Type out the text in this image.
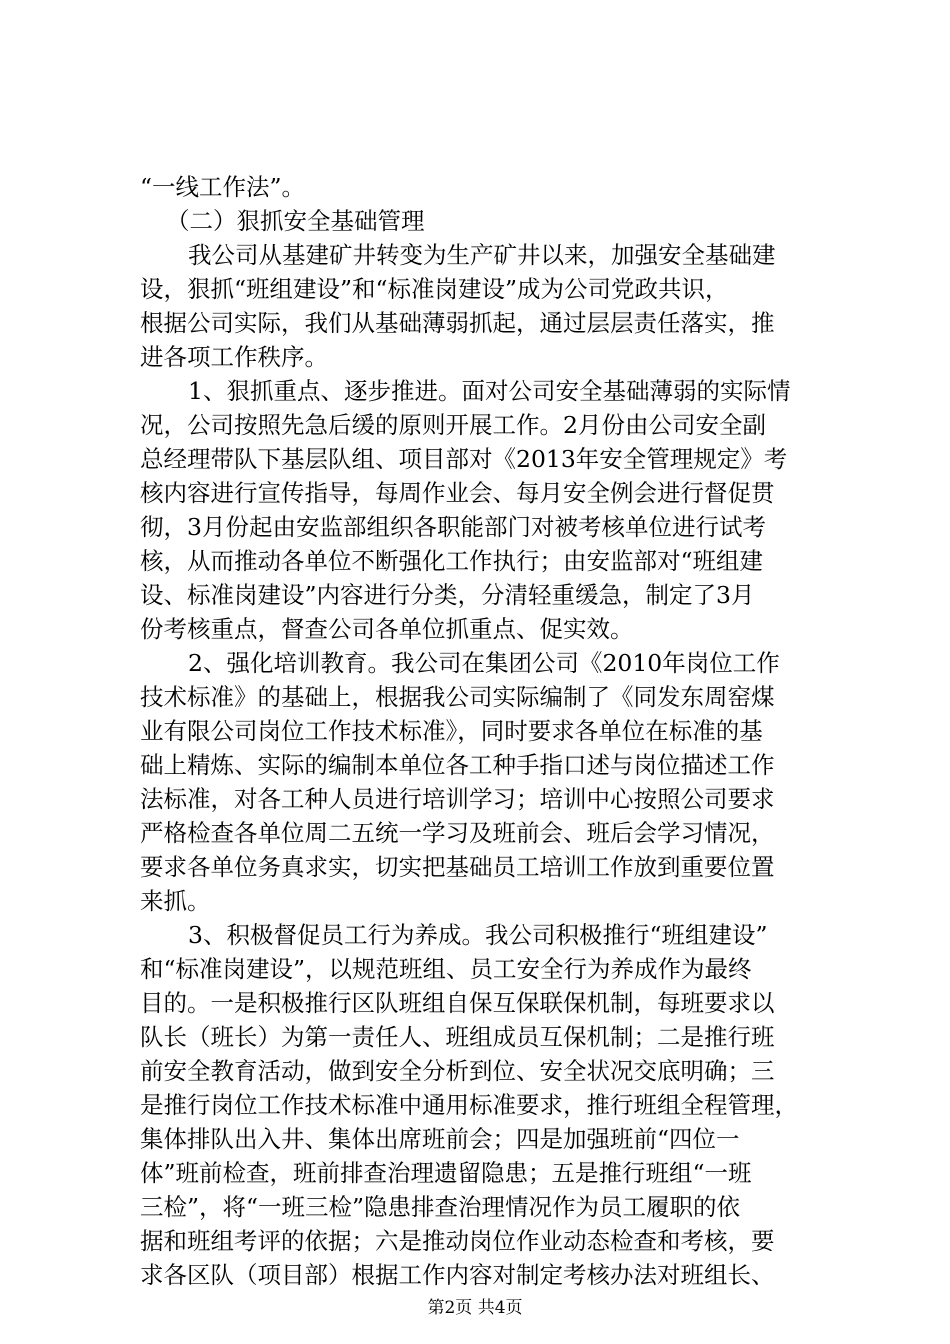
“一线工作法”。
（二）狠抓安全基础管理
我公司从基建矿井转变为生产矿井以来，加强安全基础建
设，狠抓“班组建设”和“标准岗建设”成为公司党政共识，
根据公司实际，我们从基础薄弱抓起，通过层层责任落实，推
进各项工作秩序。
1、狠抓重点、逐步推进。面对公司安全基础薄弱的实际情
况，公司按照先急后缓的原则开展工作。2月份由公司安全副
总经理带队下基层队组、项目部对《2013年安全管理规定》考
核内容进行宣传指导，每周作业会、每月安全例会进行督促贯
彻，3月份起由安监部组织各职能部门对被考核单位进行试考
核，从而推动各单位不断强化工作执行；由安监部对“班组建
设、标准岗建设”内容进行分类，分清轻重缓急，制定了3月
份考核重点，督查公司各单位抓重点、促实效。
2、强化培训教育。我公司在集团公司《2010年岗位工作
技术标准》的基础上，根据我公司实际编制了《同发东周窑煤
业有限公司岗位工作技术标准》，同时要求各单位在标准的基
础上精炼、实际的编制本单位各工种手指口述与岗位描述工作
法标准，对各工种人员进行培训学习；培训中心按照公司要求
严格检查各单位周二五统一学习及班前会、班后会学习情况，
要求各单位务真求实，切实把基础员工培训工作放到重要位置
来抓。
3、积极督促员工行为养成。我公司积极推行“班组建设”
和“标准岗建设”，以规范班组、员工安全行为养成作为最终
目的。一是积极推行区队班组自保互保联保机制，每班要求以
队长（班长）为第一责任人、班组成员互保机制；二是推行班
前安全教育活动，做到安全分析到位、安全状况交底明确；三
是推行岗位工作技术标准中通用标准要求，推行班组全程管理，
集体排队出入井、集体出席班前会；四是加强班前“四位一
体”班前检查，班前排查治理遗留隐患；五是推行班组“一班
三检”，将“一班三检”隐患排查治理情况作为员工履职的依
据和班组考评的依据；六是推动岗位作业动态检查和考核，要
求各区队（项目部）根据工作内容对制定考核办法对班组长、
第2页 共4页
